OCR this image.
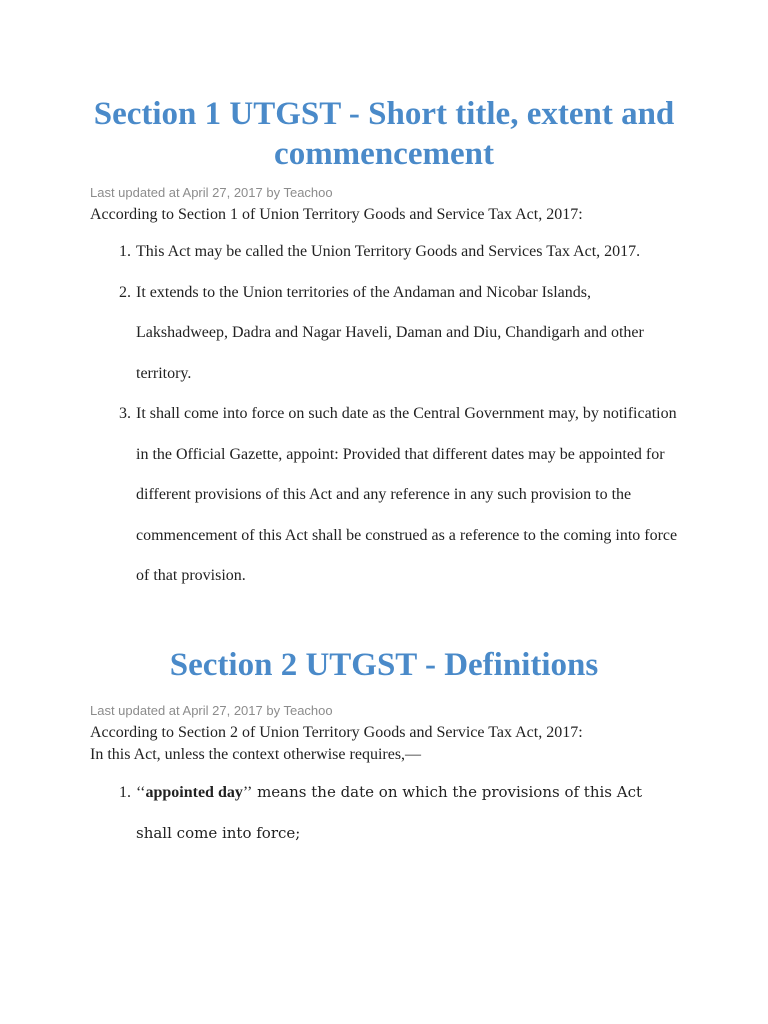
Section 1 UTGST - Short title, extent and commencement
Last updated at April 27, 2017 by Teachoo
According to Section 1 of Union Territory Goods and Service Tax Act, 2017:
1. This Act may be called the Union Territory Goods and Services Tax Act, 2017.
2. It extends to the Union territories of the Andaman and Nicobar Islands, Lakshadweep, Dadra and Nagar Haveli, Daman and Diu, Chandigarh and other territory.
3. It shall come into force on such date as the Central Government may, by notification in the Official Gazette, appoint: Provided that different dates may be appointed for different provisions of this Act and any reference in any such provision to the commencement of this Act shall be construed as a reference to the coming into force of that provision.
Section 2 UTGST - Definitions
Last updated at April 27, 2017 by Teachoo
According to Section 2 of Union Territory Goods and Service Tax Act, 2017:
In this Act, unless the context otherwise requires,—
1. ‘‘appointed day’’ means the date on which the provisions of this Act shall come into force;
